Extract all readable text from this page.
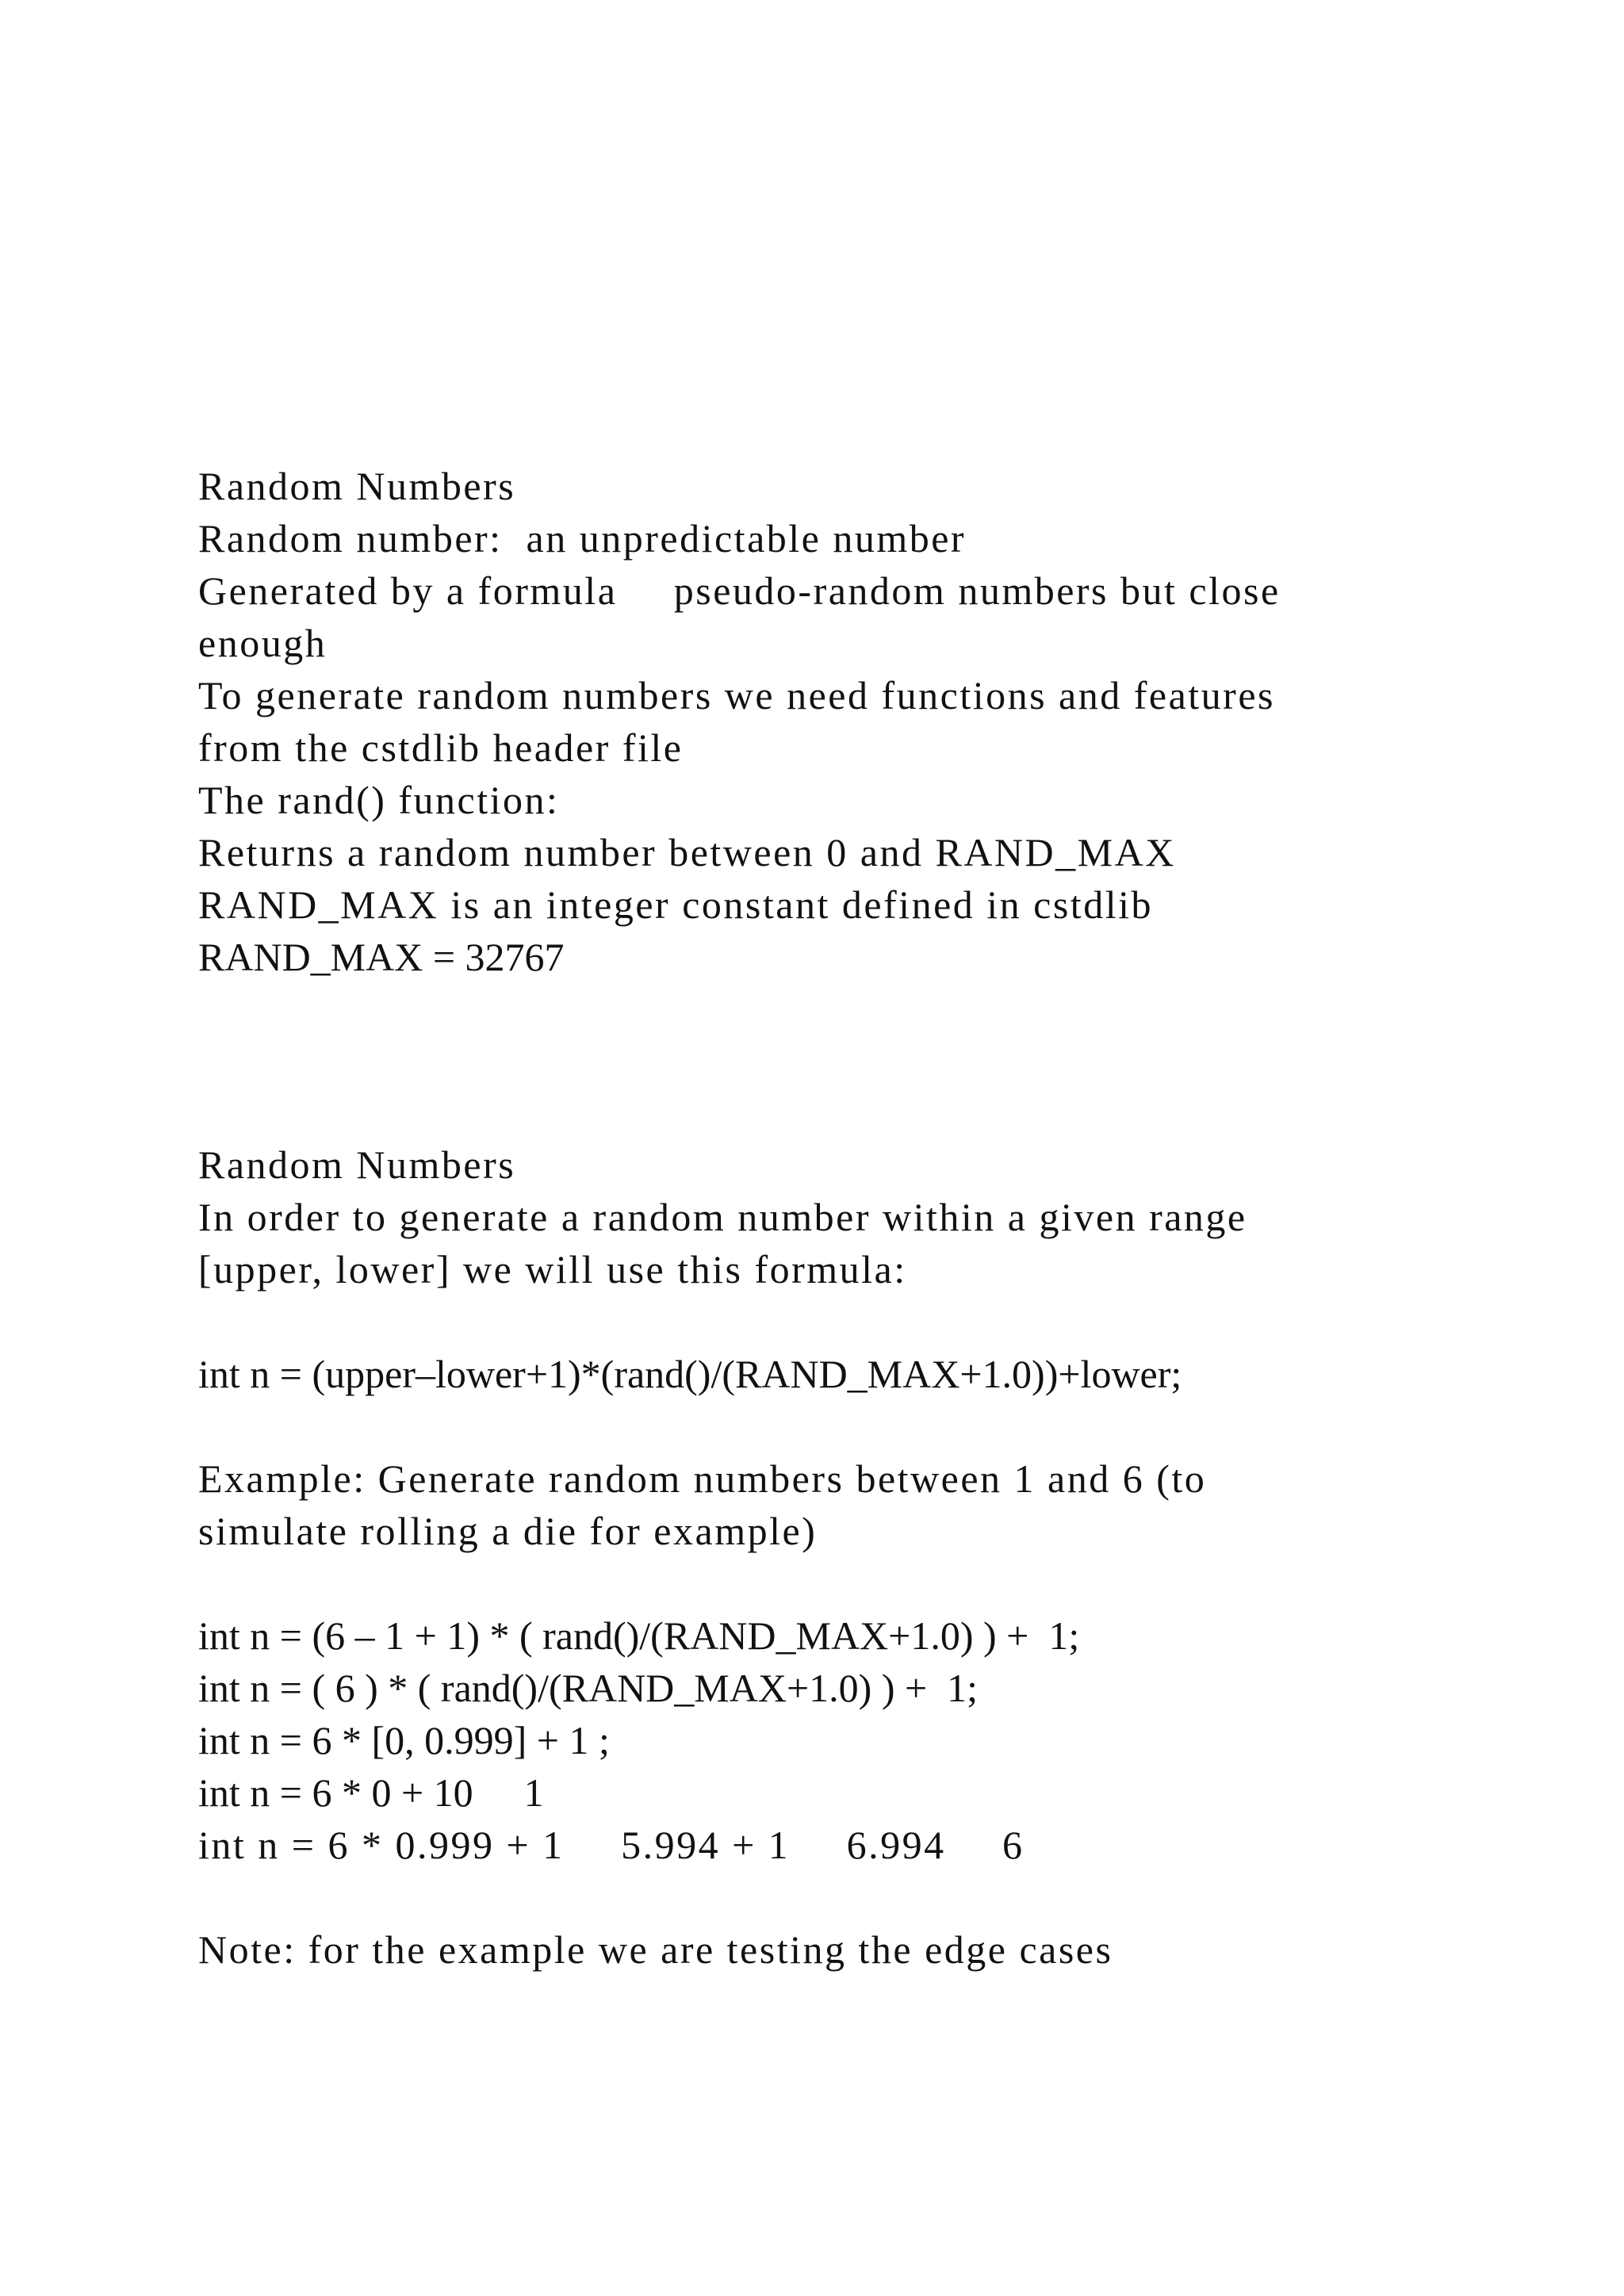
Random Numbers
Random number:  an unpredictable number
Generated by a formula   pseudo-random numbers but close
enough
To generate random numbers we need functions and features
from the cstdlib header file
The rand() function:
Returns a random number between 0 and RAND_MAX
RAND_MAX is an integer constant defined in cstdlib
RAND_MAX = 32767
Random Numbers
In order to generate a random number within a given range
[upper, lower] we will use this formula:
int n = (upper–lower+1)*(rand()/(RAND_MAX+1.0))+lower;
Example: Generate random numbers between 1 and 6 (to
simulate rolling a die for example)
int n = (6 – 1 + 1) * ( rand()/(RAND_MAX+1.0) ) +  1;
int n = ( 6 ) * ( rand()/(RAND_MAX+1.0) ) +  1;
int n = 6 * [0, 0.999] + 1 ;
int n = 6 * 0 + 10   1
int n = 6 * 0.999 + 1   5.994 + 1   6.994   6
Note: for the example we are testing the edge cases
